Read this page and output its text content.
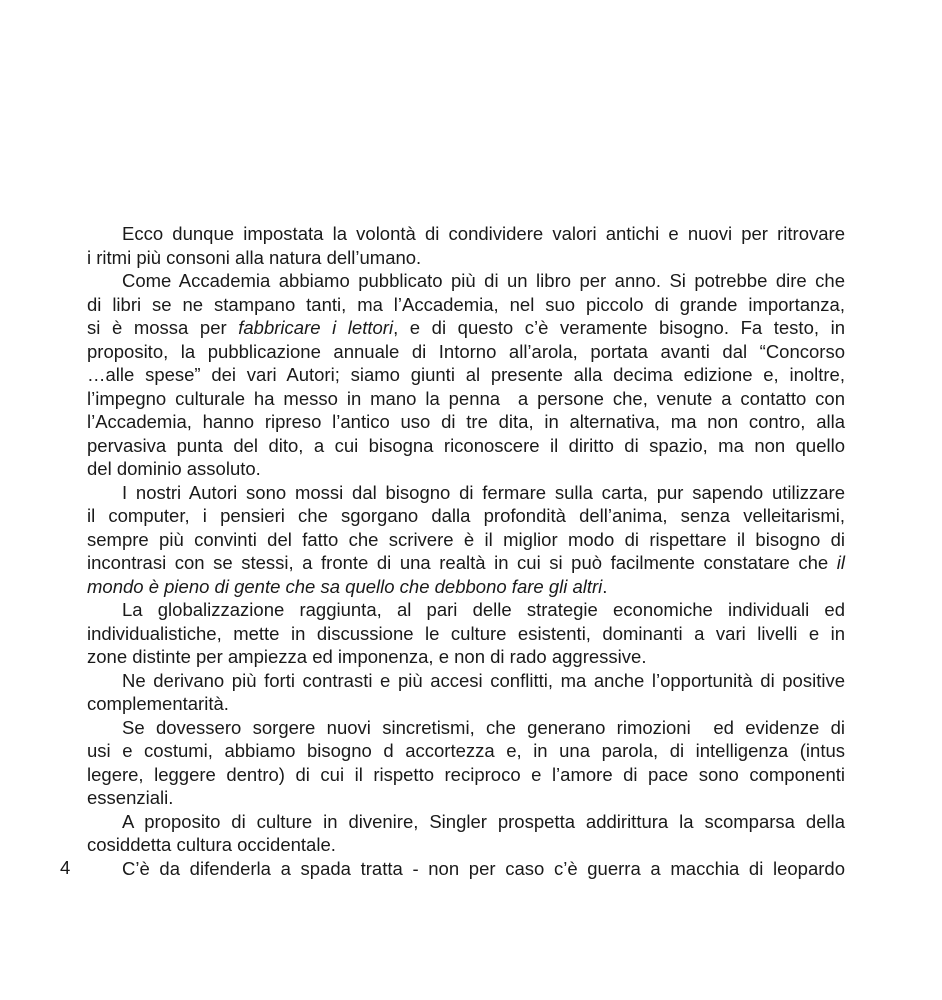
Ecco dunque impostata la volontà di condividere valori antichi e nuovi per ritrovare
i ritmi più consoni alla natura dell’umano.
Come Accademia abbiamo pubblicato più di un libro per anno. Si potrebbe dire che
di libri se ne stampano tanti, ma l’Accademia, nel suo piccolo di grande importanza,
si è mossa per fabbricare i lettori, e di questo c’è veramente bisogno. Fa testo, in
proposito, la pubblicazione annuale di Intorno all’arola, portata avanti dal “Concorso
…alle spese” dei vari Autori; siamo giunti al presente alla decima edizione e, inoltre,
l’impegno culturale ha messo in mano la penna  a persone che, venute a contatto con
l’Accademia, hanno ripreso l’antico uso di tre dita, in alternativa, ma non contro, alla
pervasiva punta del dito, a cui bisogna riconoscere il diritto di spazio, ma non quello
del dominio assoluto.
I nostri Autori sono mossi dal bisogno di fermare sulla carta, pur sapendo utilizzare
il computer, i pensieri che sgorgano dalla profondità dell’anima, senza velleitarismi,
sempre più convinti del fatto che scrivere è il miglior modo di rispettare il bisogno di
incontrasi con se stessi, a fronte di una realtà in cui si può facilmente constatare che il
mondo è pieno di gente che sa quello che debbono fare gli altri.
La globalizzazione raggiunta, al pari delle strategie economiche individuali ed
individualistiche, mette in discussione le culture esistenti, dominanti a vari livelli e in
zone distinte per ampiezza ed imponenza, e non di rado aggressive.
Ne derivano più forti contrasti e più accesi conflitti, ma anche l’opportunità di positive
complementarità.
Se dovessero sorgere nuovi sincretismi, che generano rimozioni  ed evidenze di
usi e costumi, abbiamo bisogno d accortezza e, in una parola, di intelligenza (intus
legere, leggere dentro) di cui il rispetto reciproco e l’amore di pace sono componenti
essenziali.
A proposito di culture in divenire, Singler prospetta addirittura la scomparsa della
cosiddetta cultura occidentale.
C’è da difenderla a spada tratta - non per caso c’è guerra a macchia di leopardo
4
